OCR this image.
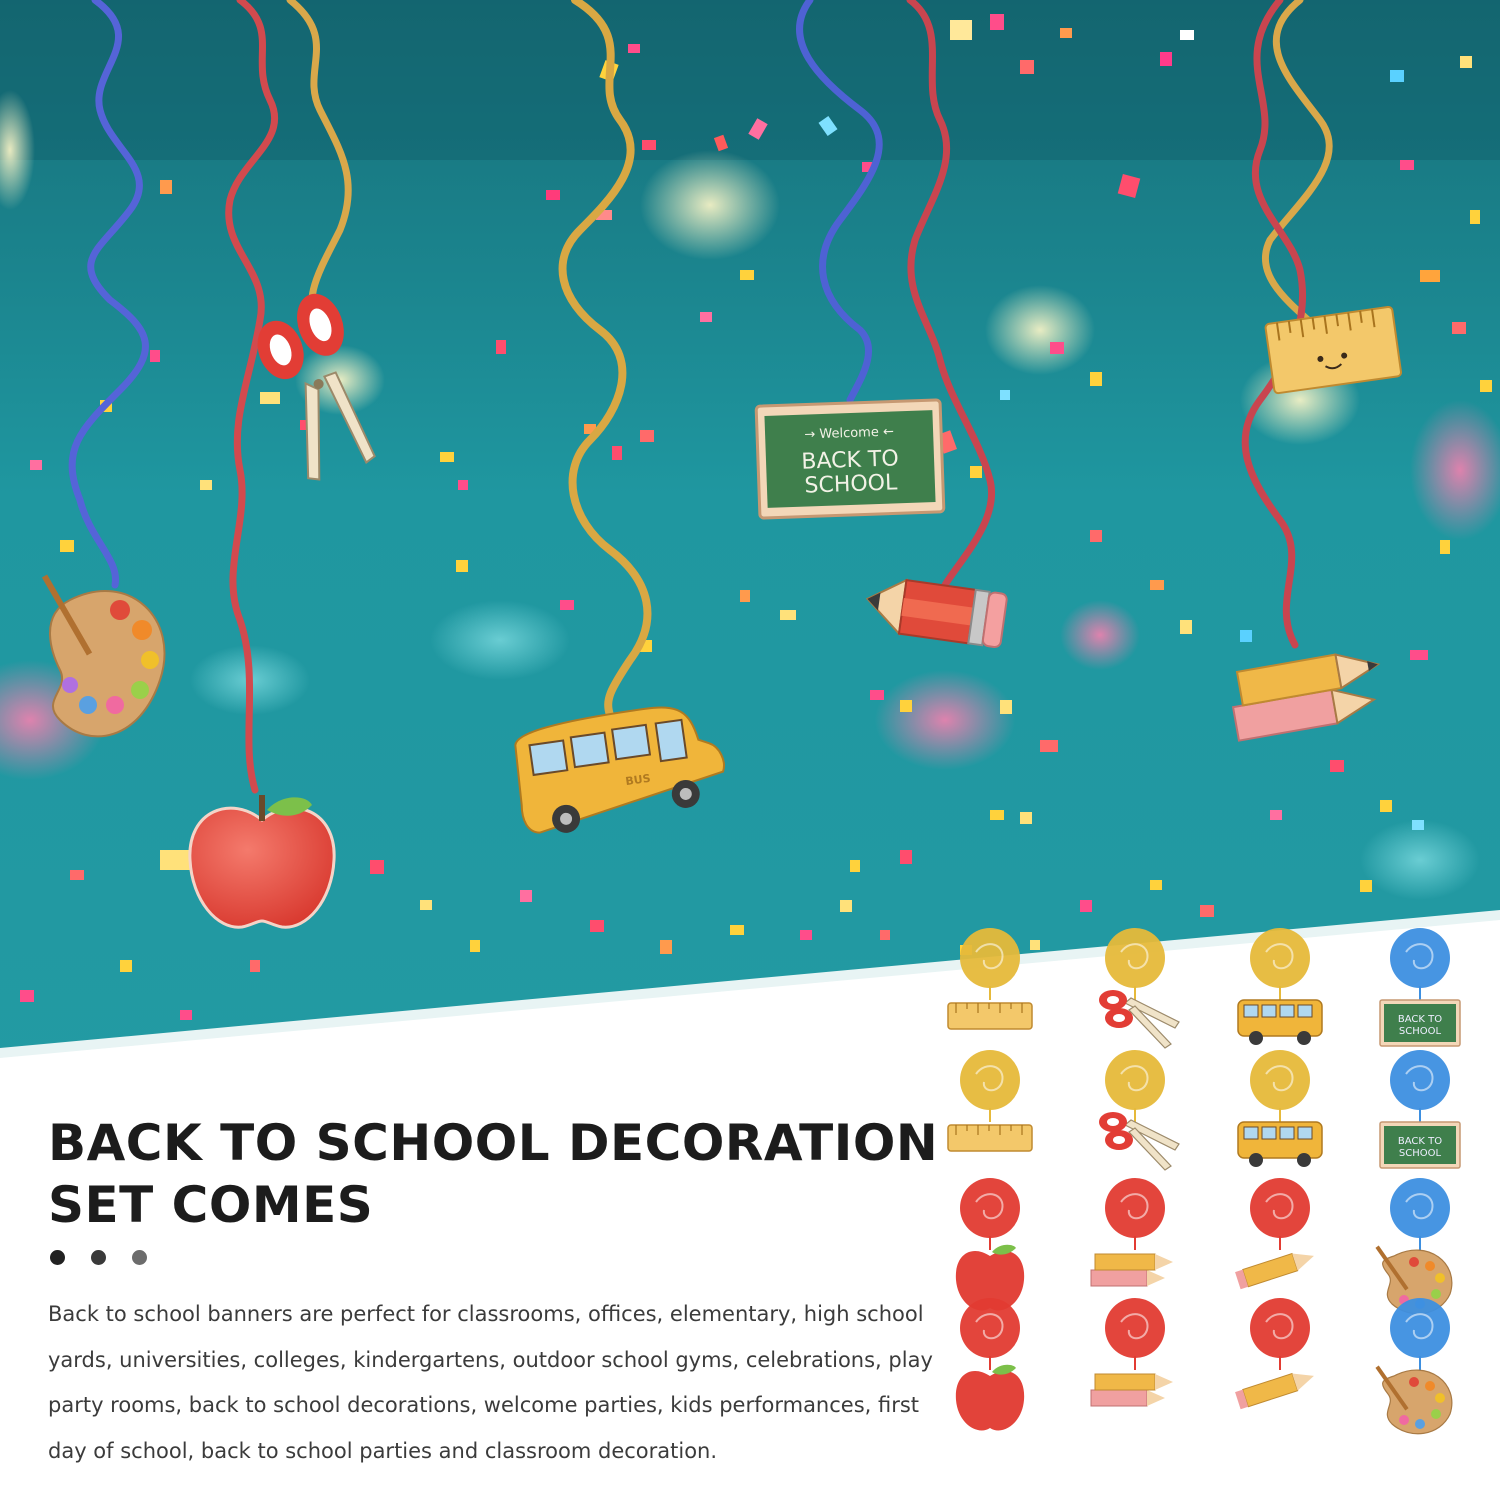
BUS
→ Welcome ←
BACK TO
SCHOOL
BACK TO SCHOOL DECORATION
SET COMES

Back to school banners are perfect for classrooms, offices, elementary, high school yards, universities, colleges, kindergartens, outdoor school gyms, celebrations, play party rooms, back to school decorations, welcome parties, kids performances, first day of school, back to school parties and classroom decoration.

BACK TO
SCHOOL
BACK TO
SCHOOL
